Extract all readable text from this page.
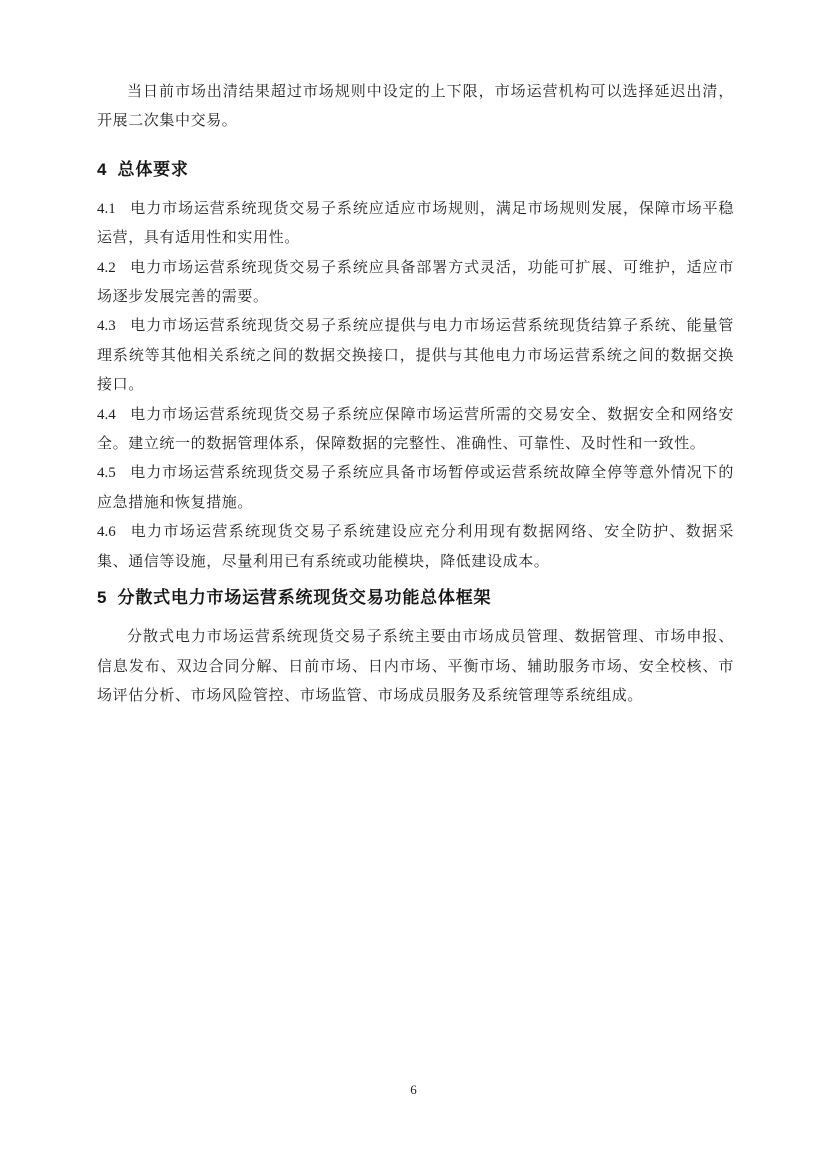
当日前市场出清结果超过市场规则中设定的上下限，市场运营机构可以选择延迟出清，开展二次集中交易。

4 总体要求

4.1 电力市场运营系统现货交易子系统应适应市场规则，满足市场规则发展，保障市场平稳运营，具有适用性和实用性。

4.2 电力市场运营系统现货交易子系统应具备部署方式灵活，功能可扩展、可维护，适应市场逐步发展完善的需要。

4.3 电力市场运营系统现货交易子系统应提供与电力市场运营系统现货结算子系统、能量管理系统等其他相关系统之间的数据交换接口，提供与其他电力市场运营系统之间的数据交换接口。

4.4 电力市场运营系统现货交易子系统应保障市场运营所需的交易安全、数据安全和网络安全。建立统一的数据管理体系，保障数据的完整性、准确性、可靠性、及时性和一致性。

4.5 电力市场运营系统现货交易子系统应具备市场暂停或运营系统故障全停等意外情况下的应急措施和恢复措施。

4.6 电力市场运营系统现货交易子系统建设应充分利用现有数据网络、安全防护、数据采集、通信等设施，尽量利用已有系统或功能模块，降低建设成本。

5 分散式电力市场运营系统现货交易功能总体框架

分散式电力市场运营系统现货交易子系统主要由市场成员管理、数据管理、市场申报、信息发布、双边合同分解、日前市场、日内市场、平衡市场、辅助服务市场、安全校核、市场评估分析、市场风险管控、市场监管、市场成员服务及系统管理等系统组成。

6
